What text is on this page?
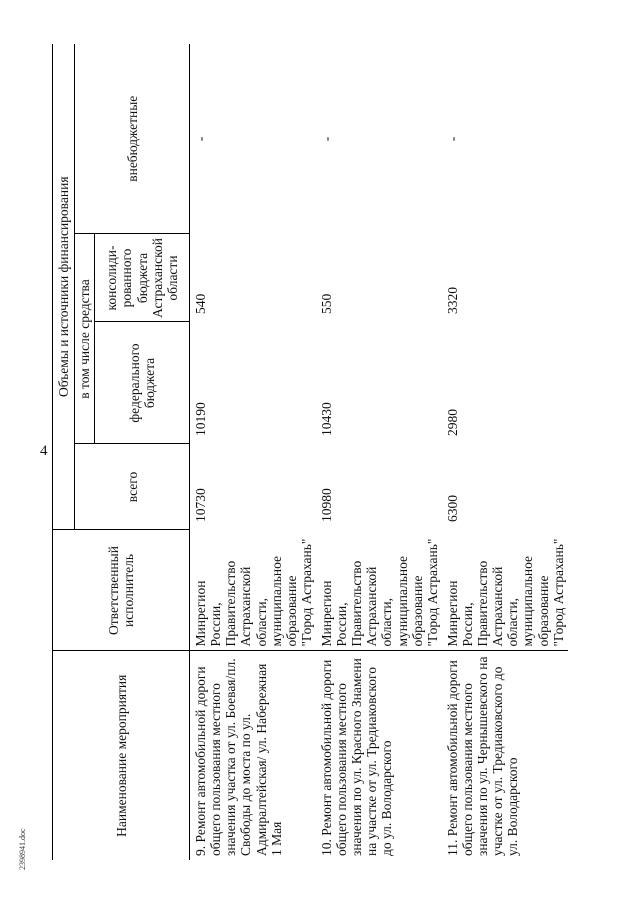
4
2398941.doc
Наименование мероприятия	Ответственный исполнитель	Объемы и источники финансирования			
		всего	в том числе средства		внебюджетные
			федерального бюджета	консолиди-рованного бюджета Астраханской области	
9. Ремонт автомобильной дороги общего пользования местного значения участка от ул. Боевая/пл. Свободы до моста по ул. Адмиралтейская/ ул. Набережная 1 Мая	Минрегион России, Правительство Астраханской области, муниципальное образование "Город Астрахань"	10730	10190	540	-
10. Ремонт автомобильной дороги общего пользования местного значения по ул. Красного Знамени на участке от ул. Тредиаковского до ул. Володарского	Минрегион России, Правительство Астраханской области, муниципальное образование "Город Астрахань"	10980	10430	550	-
11. Ремонт автомобильной дороги общего пользования местного значения по ул. Чернышевского на участке от ул. Тредиаковского до ул. Володарского	Минрегион России, Правительство Астраханской области, муниципальное образование "Город Астрахань"	6300	2980	3320	-
